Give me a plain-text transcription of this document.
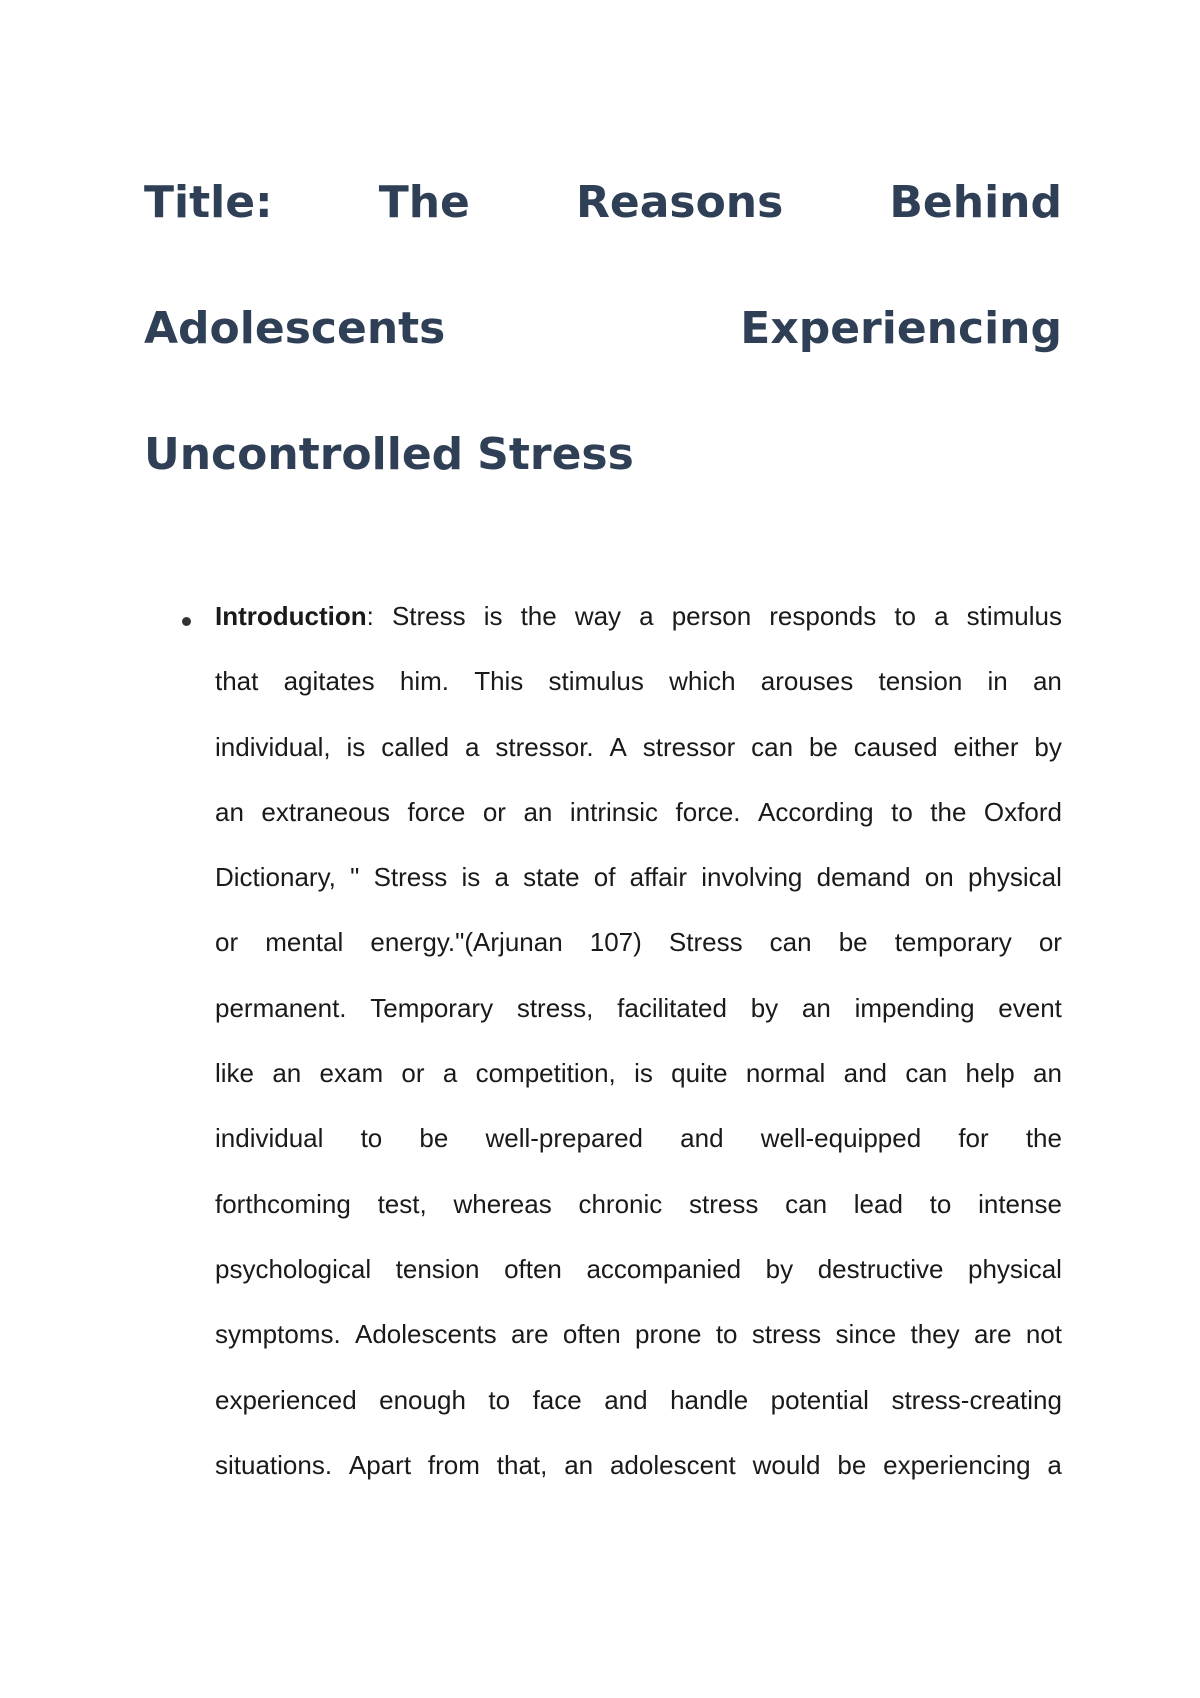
Title: The Reasons Behind
Adolescents	Experiencing
Uncontrolled Stress
Introduction: Stress is the way a person responds to a stimulus
that agitates him. This stimulus which arouses tension in an
individual, is called a stressor. A stressor can be caused either by
an extraneous force or an intrinsic force. According to the Oxford
Dictionary, " Stress is a state of affair involving demand on physical
or mental energy."(Arjunan 107) Stress can be temporary or
permanent. Temporary stress, facilitated by an impending event
like an exam or a competition, is quite normal and can help an
individual to be well-prepared and well-equipped for the
forthcoming test, whereas chronic stress can lead to intense
psychological tension often accompanied by destructive physical
symptoms. Adolescents are often prone to stress since they are not
experienced enough to face and handle potential stress-creating
situations. Apart from that, an adolescent would be experiencing a
